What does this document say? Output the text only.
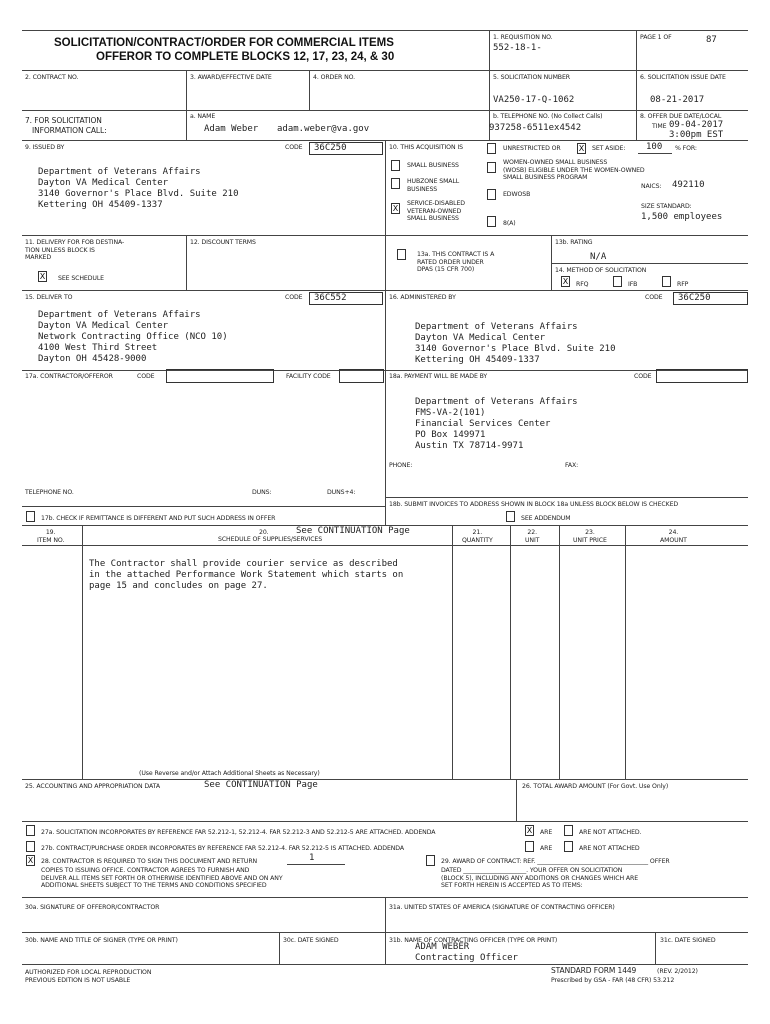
SOLICITATION/CONTRACT/ORDER FOR COMMERCIAL ITEMS
OFFEROR TO COMPLETE BLOCKS 12, 17, 23, 24, & 30
1. REQUISITION NO.
552-18-1-
PAGE 1 OF	87
2. CONTRACT NO.	3. AWARD/EFFECTIVE DATE	4. ORDER NO.	5. SOLICITATION NUMBER
VA250-17-Q-1062
6. SOLICITATION ISSUE DATE
08-21-2017
7. FOR SOLICITATION
INFORMATION CALL:
a. NAME
Adam Weber adam.weber@va.gov
b. TELEPHONE NO. (No Collect Calls)
937258-6511ex4542
8. OFFER DUE DATE/LOCAL
TIME 09-04-2017
3:00pm EST
9. ISSUED BY	CODE 36C250
Department of Veterans Affairs
Dayton VA Medical Center
3140 Governor's Place Blvd. Suite 210
Kettering OH 45409-1337
10. THIS ACQUISITION IS	UNRESTRICTED OR X SET ASIDE: 100 % FOR:
SMALL BUSINESS
HUBZONE SMALL
BUSINESS
X
SERVICE-DISABLED
VETERAN-OWNED
SMALL BUSINESS
WOMEN-OWNED SMALL BUSINESS
(WOSB) ELIGIBLE UNDER THE WOMEN-OWNED
SMALL BUSINESS PROGRAM
EDWOSB
8(A)
NAICS: 492110
SIZE STANDARD:
1,500 employees
11. DELIVERY FOR FOB DESTINA-
TION UNLESS BLOCK IS
MARKED
X SEE SCHEDULE
12. DISCOUNT TERMS
13a. THIS CONTRACT IS A
RATED ORDER UNDER
DPAS (15 CFR 700)
13b. RATING
N/A
14. METHOD OF SOLICITATION
X RFQ	IFB	RFP
15. DELIVER TO	CODE 36C552
Department of Veterans Affairs
Dayton VA Medical Center
Network Contracting Office (NCO 10)
4100 West Third Street
Dayton OH 45428-9000
16. ADMINISTERED BY	CODE 36C250
Department of Veterans Affairs
Dayton VA Medical Center
3140 Governor's Place Blvd. Suite 210
Kettering OH 45409-1337
17a. CONTRACTOR/OFFEROR	CODE	FACILITY CODE
TELEPHONE NO.	DUNS:	DUNS+4:
17b. CHECK IF REMITTANCE IS DIFFERENT AND PUT SUCH ADDRESS IN OFFER
18a. PAYMENT WILL BE MADE BY	CODE
Department of Veterans Affairs
FMS-VA-2(101)
Financial Services Center
PO Box 149971
Austin TX 78714-9971
PHONE:	FAX:
18b. SUBMIT INVOICES TO ADDRESS SHOWN IN BLOCK 18a UNLESS BLOCK BELOW IS CHECKED
SEE ADDENDUM
19.
ITEM NO.
20.
SCHEDULE OF SUPPLIES/SERVICES
See CONTINUATION Page	21.
QUANTITY
22.
UNIT
23.
UNIT PRICE
24.
AMOUNT
The Contractor shall provide courier service as described
in the attached Performance Work Statement which starts on
page 15 and concludes on page 27.
(Use Reverse and/or Attach Additional Sheets as Necessary)
25. ACCOUNTING AND APPROPRIATION DATA	See CONTINUATION Page	26. TOTAL AWARD AMOUNT (For Govt. Use Only)
27a. SOLICITATION INCORPORATES BY REFERENCE FAR 52.212-1, 52.212-4. FAR 52.212-3 AND 52.212-5 ARE ATTACHED. ADDENDA	X ARE	ARE NOT ATTACHED.
27b. CONTRACT/PURCHASE ORDER INCORPORATES BY REFERENCE FAR 52.212-4. FAR 52.212-5 IS ATTACHED. ADDENDA	ARE	ARE NOT ATTACHED
X 28. CONTRACTOR IS REQUIRED TO SIGN THIS DOCUMENT AND RETURN	1
COPIES TO ISSUING OFFICE. CONTRACTOR AGREES TO FURNISH AND
DELIVER ALL ITEMS SET FORTH OR OTHERWISE IDENTIFIED ABOVE AND ON ANY
ADDITIONAL SHEETS SUBJECT TO THE TERMS AND CONDITIONS SPECIFIED
29. AWARD OF CONTRACT: REF. _____________________________________ OFFER
DATED _____________________. YOUR OFFER ON SOLICITATION
(BLOCK 5), INCLUDING ANY ADDITIONS OR CHANGES WHICH ARE
SET FORTH HEREIN IS ACCEPTED AS TO ITEMS:
30a. SIGNATURE OF OFFEROR/CONTRACTOR	31a. UNITED STATES OF AMERICA (SIGNATURE OF CONTRACTING OFFICER)
30b. NAME AND TITLE OF SIGNER (TYPE OR PRINT)	30c. DATE SIGNED	31b. NAME OF CONTRACTING OFFICER (TYPE OR PRINT)
ADAM WEBER
Contracting Officer
31c. DATE SIGNED
AUTHORIZED FOR LOCAL REPRODUCTION
PREVIOUS EDITION IS NOT USABLE
STANDARD FORM 1449	(REV. 2/2012)
Prescribed by GSA - FAR (48 CFR) 53.212
